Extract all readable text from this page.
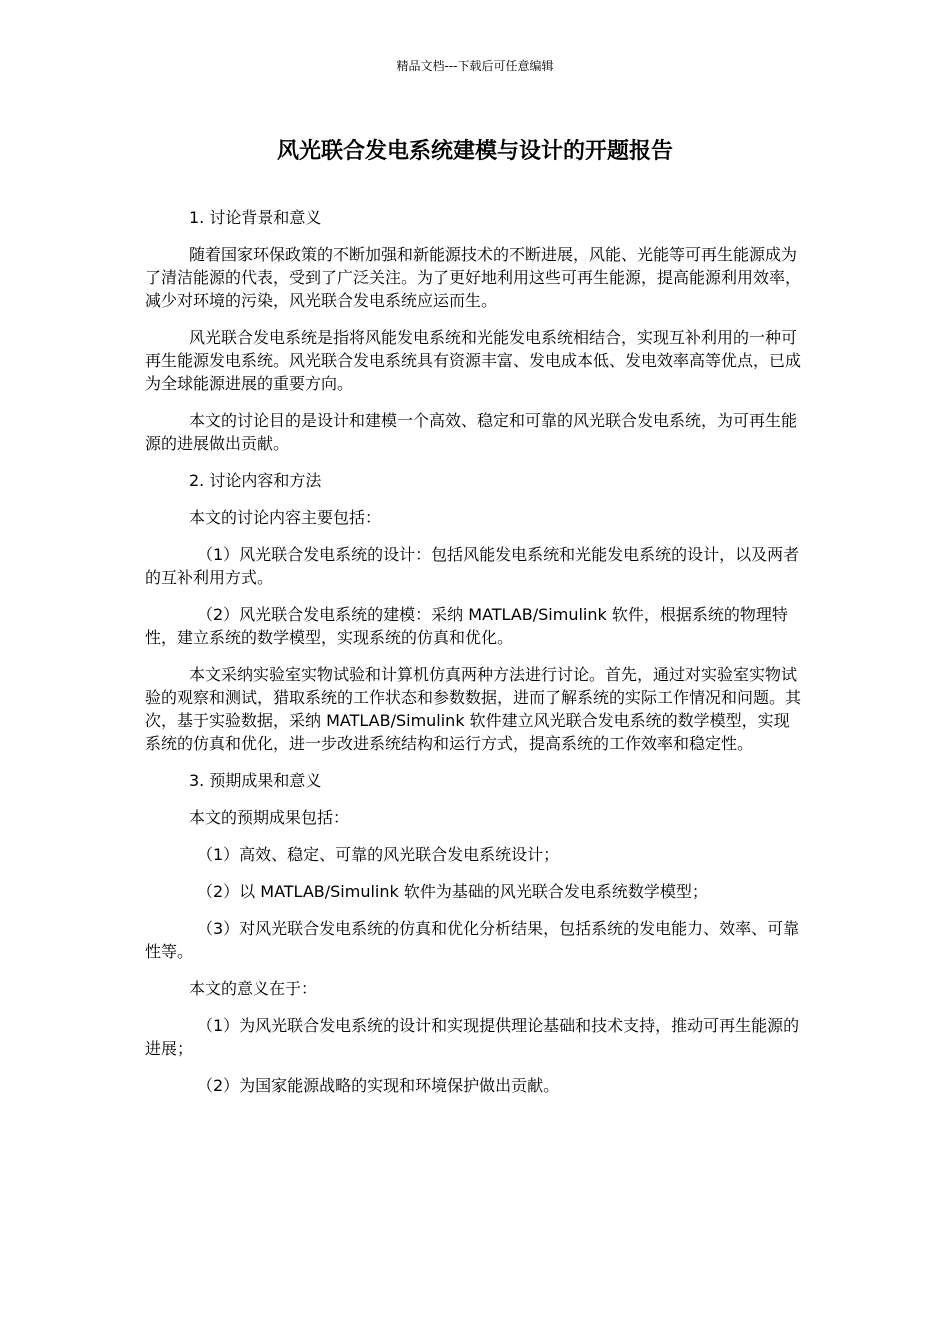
精品文档---下载后可任意编辑
风光联合发电系统建模与设计的开题报告

1. 讨论背景和意义

随着国家环保政策的不断加强和新能源技术的不断进展，风能、光能等可再生能源成为了清洁能源的代表，受到了广泛关注。为了更好地利用这些可再生能源，提高能源利用效率，减少对环境的污染，风光联合发电系统应运而生。

风光联合发电系统是指将风能发电系统和光能发电系统相结合，实现互补利用的一种可再生能源发电系统。风光联合发电系统具有资源丰富、发电成本低、发电效率高等优点，已成为全球能源进展的重要方向。

本文的讨论目的是设计和建模一个高效、稳定和可靠的风光联合发电系统，为可再生能源的进展做出贡献。

2. 讨论内容和方法

本文的讨论内容主要包括：

（1）风光联合发电系统的设计：包括风能发电系统和光能发电系统的设计，以及两者的互补利用方式。

（2）风光联合发电系统的建模：采纳 MATLAB/Simulink 软件，根据系统的物理特性，建立系统的数学模型，实现系统的仿真和优化。

本文采纳实验室实物试验和计算机仿真两种方法进行讨论。首先，通过对实验室实物试验的观察和测试，猎取系统的工作状态和参数数据，进而了解系统的实际工作情况和问题。其次，基于实验数据，采纳 MATLAB/Simulink 软件建立风光联合发电系统的数学模型，实现系统的仿真和优化，进一步改进系统结构和运行方式，提高系统的工作效率和稳定性。

3. 预期成果和意义

本文的预期成果包括：

（1）高效、稳定、可靠的风光联合发电系统设计；

（2）以 MATLAB/Simulink 软件为基础的风光联合发电系统数学模型；

（3）对风光联合发电系统的仿真和优化分析结果，包括系统的发电能力、效率、可靠性等。

本文的意义在于：

（1）为风光联合发电系统的设计和实现提供理论基础和技术支持，推动可再生能源的进展；

（2）为国家能源战略的实现和环境保护做出贡献。
